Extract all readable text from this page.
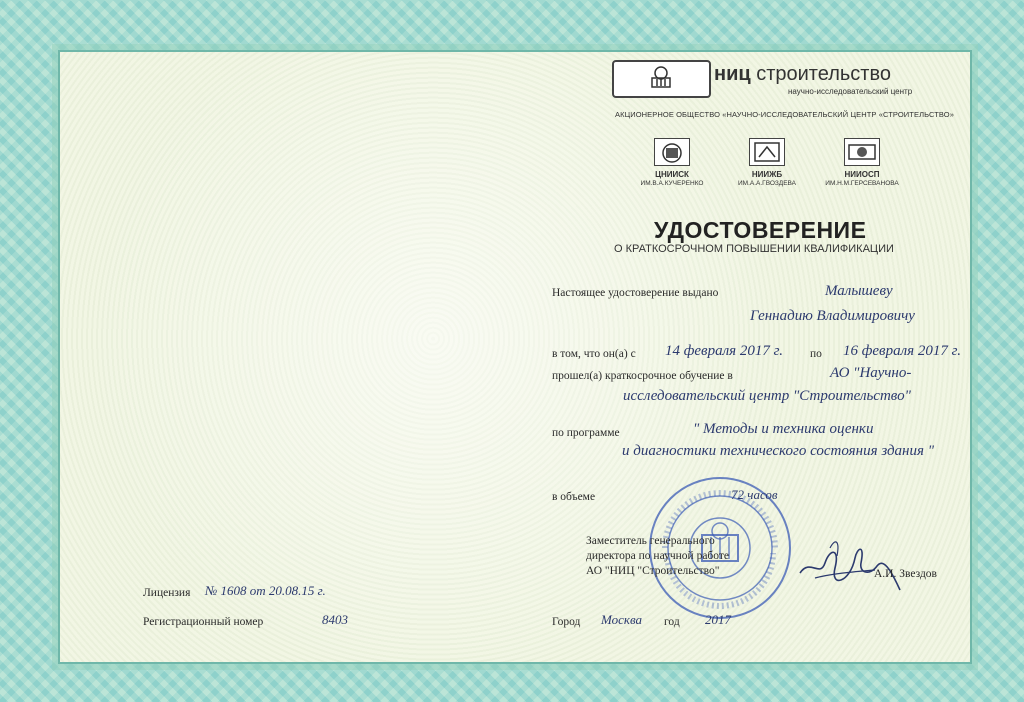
ниц строительство
научно-исследовательский центр
АКЦИОНЕРНОЕ ОБЩЕСТВО «НАУЧНО-ИССЛЕДОВАТЕЛЬСКИЙ ЦЕНТР «СТРОИТЕЛЬСТВО»
ЦНИИСК
ИМ.В.А.КУЧЕРЕНКО
НИИЖБ
ИМ.А.А.ГВОЗДЕВА
НИИОСП
ИМ.Н.М.ГЕРСЕВАНОВА
УДОСТОВЕРЕНИЕ
О КРАТКОСРОЧНОМ ПОВЫШЕНИИ КВАЛИФИКАЦИИ
Настоящее удостоверение выдано	Малышеву
Геннадию Владимировичу
в том, что он(а) с 14 февраля 2017 г. по 16 февраля 2017 г.
прошел(а) краткосрочное обучение в	АО "Научно-
исследовательский центр "Строительство"
по программе	" Методы и техника оценки
и диагностики технического состояния здания "
в объеме	72 часов
Заместитель генерального
директора по научной работе
АО "НИЦ "Строительство"	А.И. Звездов
Лицензия № 1608 от 20.08.15 г.
Регистрационный номер	8403	Город Москва год 2017
